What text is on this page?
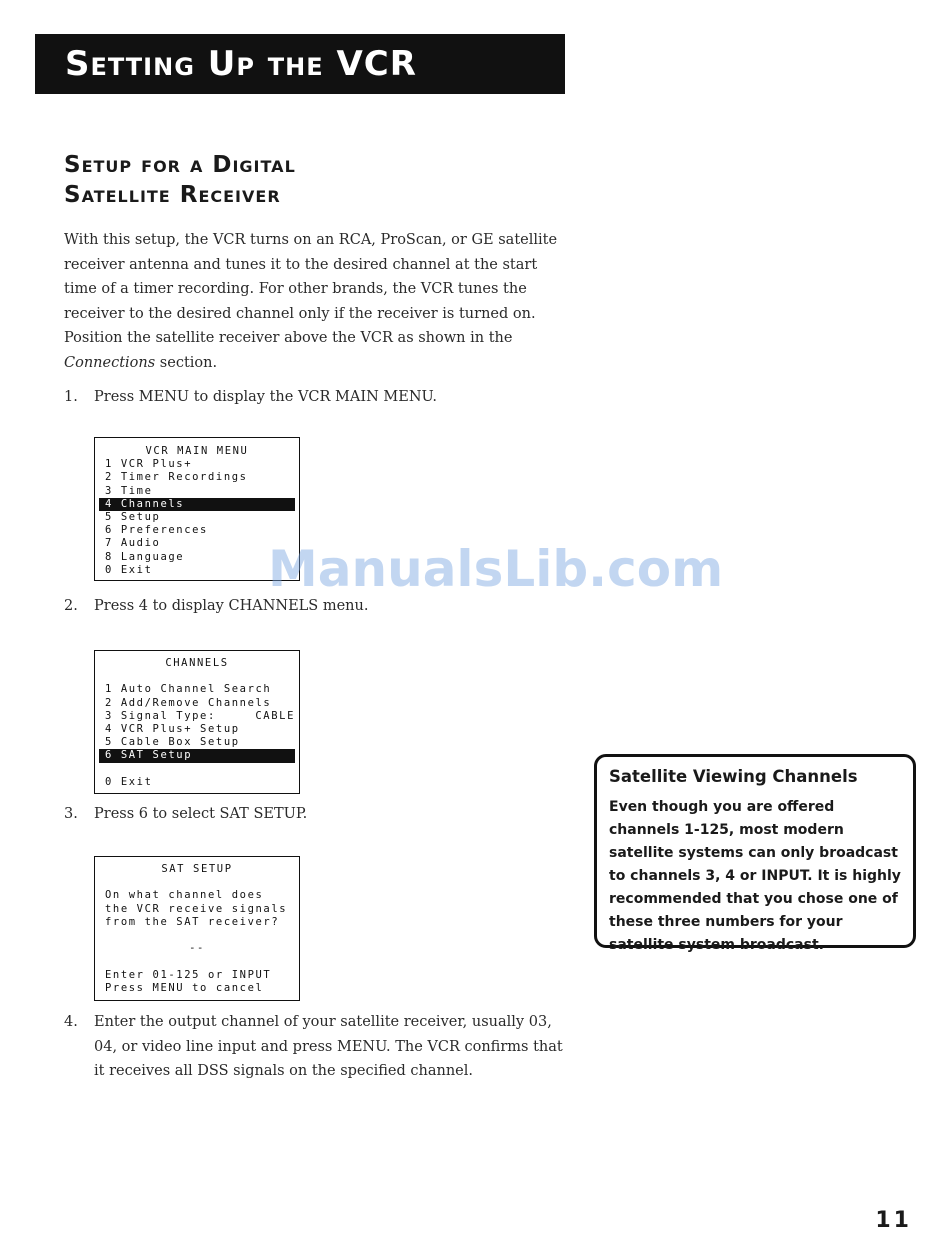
Setting Up the VCR
Setup for a Digital
Satellite Receiver

With this setup, the VCR turns on an RCA, ProScan, or GE satellite receiver antenna and tunes it to the desired channel at the start time of a timer recording. For other brands, the VCR tunes the receiver to the desired channel only if the receiver is turned on. Position the satellite receiver above the VCR as shown in the Connections section.

1.	Press MENU to display the VCR MAIN MENU.
VCR MAIN MENU
1 VCR Plus+
2 Timer Recordings
3 Time
4 Channels
5 Setup
6 Preferences
7 Audio
8 Language
0 Exit	ManualsLib.com
2.	Press 4 to display CHANNELS menu.
CHANNELS
1 Auto Channel Search
2 Add/Remove Channels
3 Signal Type:	CABLE
4 VCR Plus+ Setup
5 Cable Box Setup
6 SAT Setup
0 Exit
3.	Press 6 to select SAT SETUP.
SAT SETUP
On what channel does
the VCR receive signals
from the SAT receiver?
--
Enter 01-125 or INPUT
Press MENU to cancel
4.	Enter the output channel of your satellite receiver, usually 03, 04, or video line input and press MENU. The VCR confirms that it receives all DSS signals on the specified channel.
Satellite Viewing Channels
Even though you are offered channels 1-125, most modern satellite systems can only broadcast to channels 3, 4 or INPUT. It is highly recommended that you chose one of these three numbers for your satellite system broadcast.
11
